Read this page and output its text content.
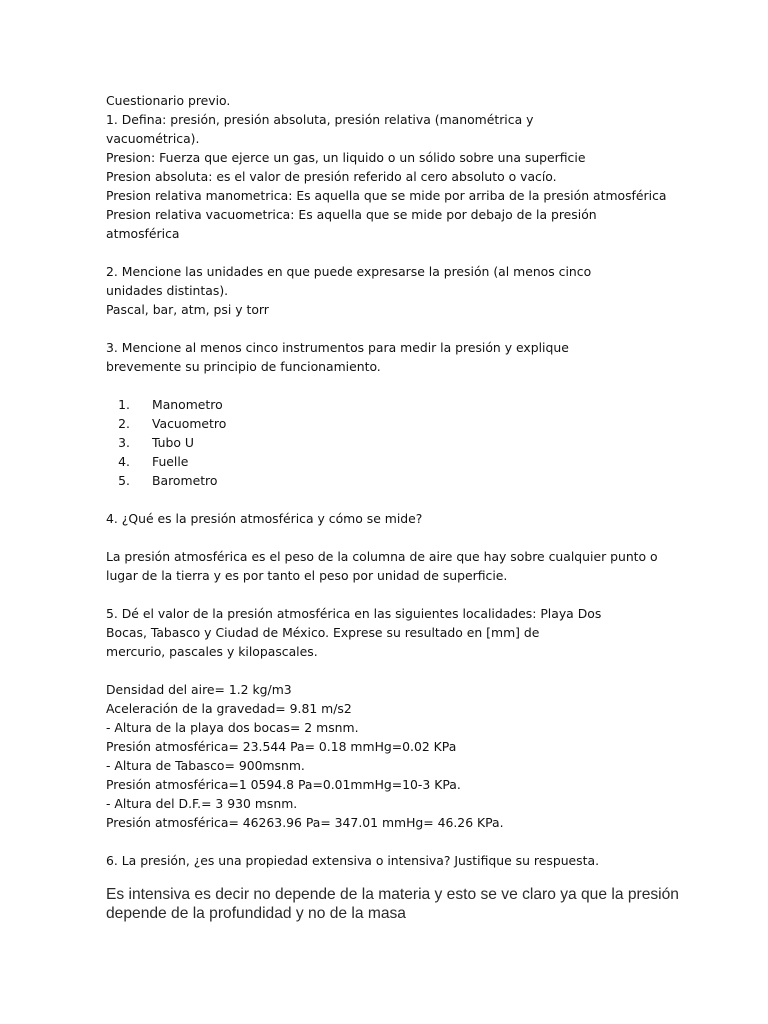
Cuestionario previo.

1. Defina: presión, presión absoluta, presión relativa (manométrica y

vacuométrica).

Presion: Fuerza que ejerce un gas, un liquido o un sólido sobre una superficie

Presion absoluta: es el valor de presión referido al cero absoluto o vacío.

Presion relativa manometrica: Es aquella que se mide por arriba de la presión atmosférica

Presion relativa vacuometrica: Es aquella que se mide por debajo de la presión

atmosférica

2. Mencione las unidades en que puede expresarse la presión (al menos cinco

unidades distintas).

Pascal, bar, atm, psi y torr

3. Mencione al menos cinco instrumentos para medir la presión y explique

brevemente su principio de funcionamiento.

1. Manometro
2. Vacuometro
3. Tubo U
4. Fuelle
5. Barometro

4. ¿Qué es la presión atmosférica y cómo se mide?

La presión atmosférica es el peso de la columna de aire que hay sobre cualquier punto o

lugar de la tierra y es por tanto el peso por unidad de superficie.

5. Dé el valor de la presión atmosférica en las siguientes localidades: Playa Dos

Bocas, Tabasco y Ciudad de México. Exprese su resultado en [mm] de

mercurio, pascales y kilopascales.

Densidad del aire= 1.2 kg/m3

Aceleración de la gravedad= 9.81 m/s2

- Altura de la playa dos bocas= 2 msnm.

Presión atmosférica= 23.544 Pa= 0.18 mmHg=0.02 KPa

- Altura de Tabasco= 900msnm.

Presión atmosférica=1 0594.8 Pa=0.01mmHg=10-3 KPa.

- Altura del D.F.= 3 930 msnm.

Presión atmosférica= 46263.96 Pa= 347.01 mmHg= 46.26 KPa.

6. La presión, ¿es una propiedad extensiva o intensiva? Justifique su respuesta.

Es intensiva es decir no depende de la materia y esto se ve claro ya que la presión

depende de la profundidad y no de la masa
